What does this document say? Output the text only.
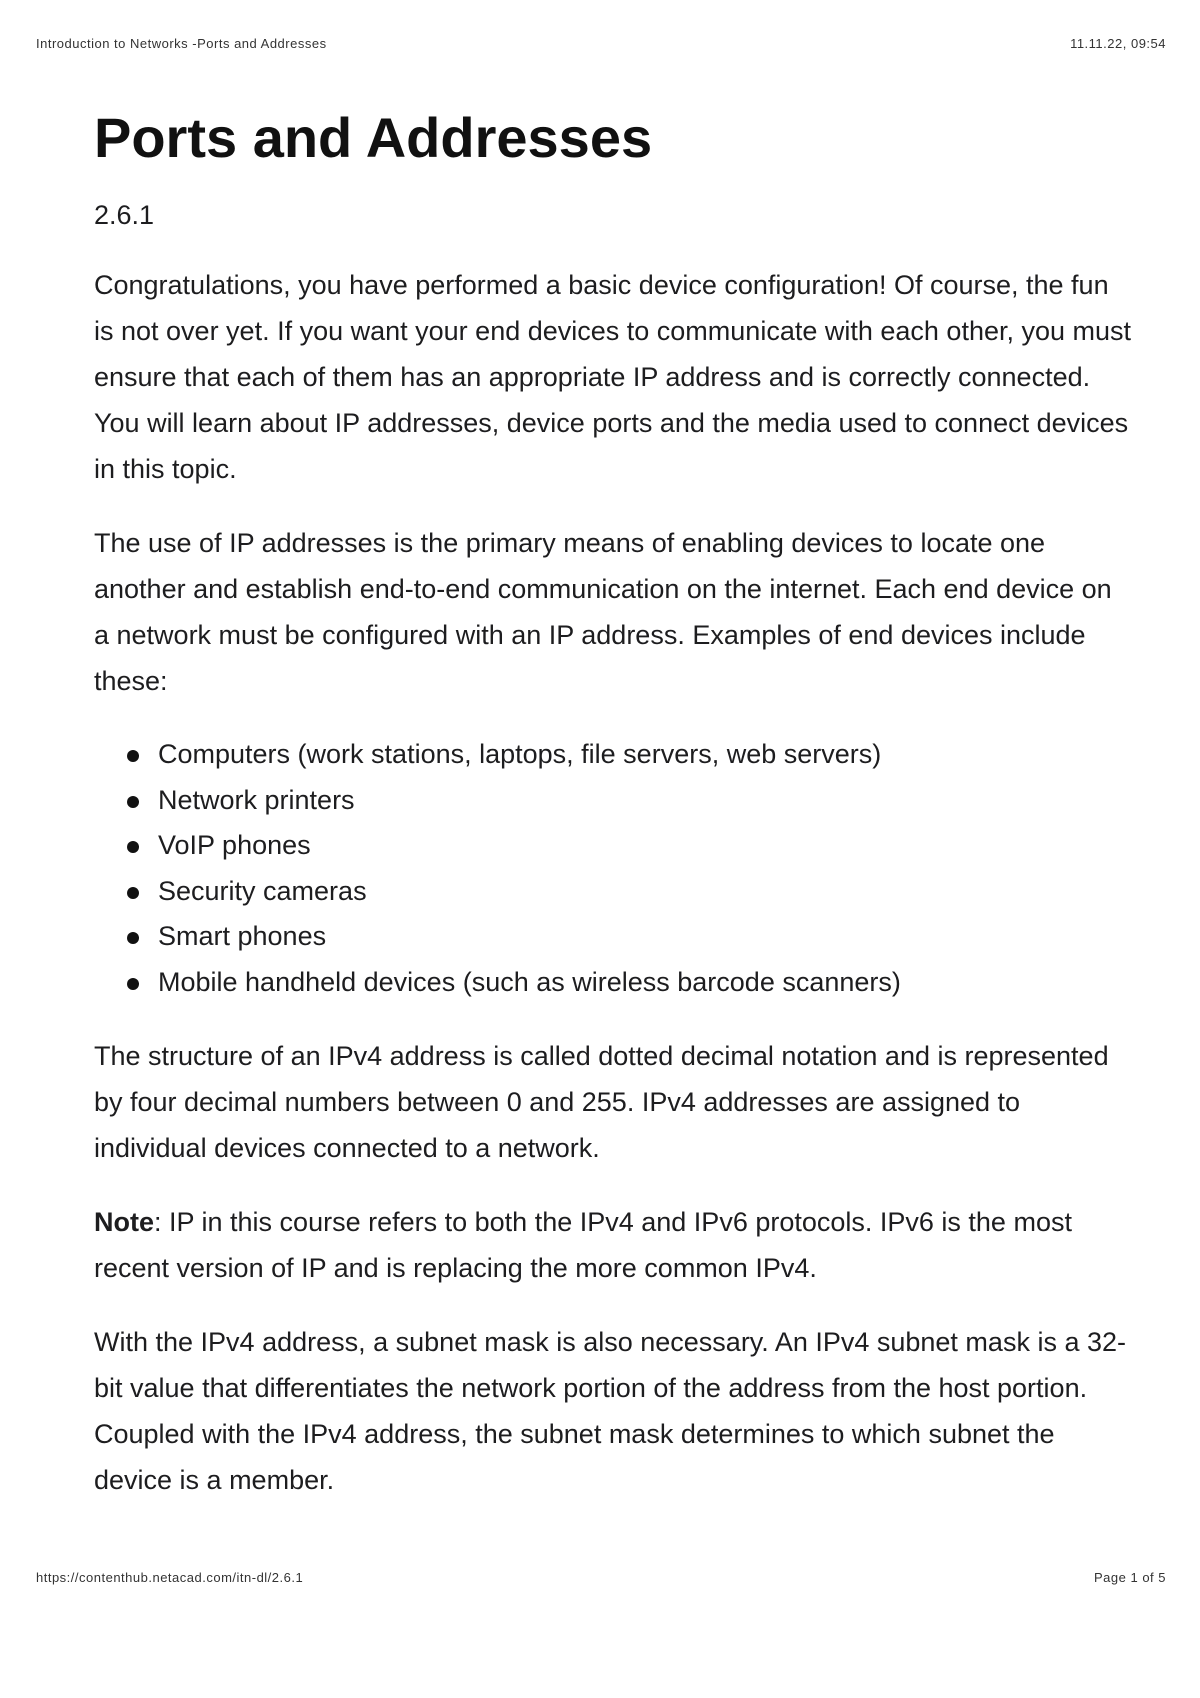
Introduction to Networks -Ports and Addresses	11.11.22, 09:54
Ports and Addresses
2.6.1

Congratulations, you have performed a basic device configuration! Of course, the fun is not over yet. If you want your end devices to communicate with each other, you must ensure that each of them has an appropriate IP address and is correctly connected. You will learn about IP addresses, device ports and the media used to connect devices in this topic.

The use of IP addresses is the primary means of enabling devices to locate one another and establish end-to-end communication on the internet. Each end device on a network must be configured with an IP address. Examples of end devices include these:

Computers (work stations, laptops, file servers, web servers)
Network printers
VoIP phones
Security cameras
Smart phones
Mobile handheld devices (such as wireless barcode scanners)

The structure of an IPv4 address is called dotted decimal notation and is represented by four decimal numbers between 0 and 255. IPv4 addresses are assigned to individual devices connected to a network.

Note: IP in this course refers to both the IPv4 and IPv6 protocols. IPv6 is the most recent version of IP and is replacing the more common IPv4.

With the IPv4 address, a subnet mask is also necessary. An IPv4 subnet mask is a 32-bit value that differentiates the network portion of the address from the host portion. Coupled with the IPv4 address, the subnet mask determines to which subnet the device is a member.

https://contenthub.netacad.com/itn-dl/2.6.1	Page 1 of 5
